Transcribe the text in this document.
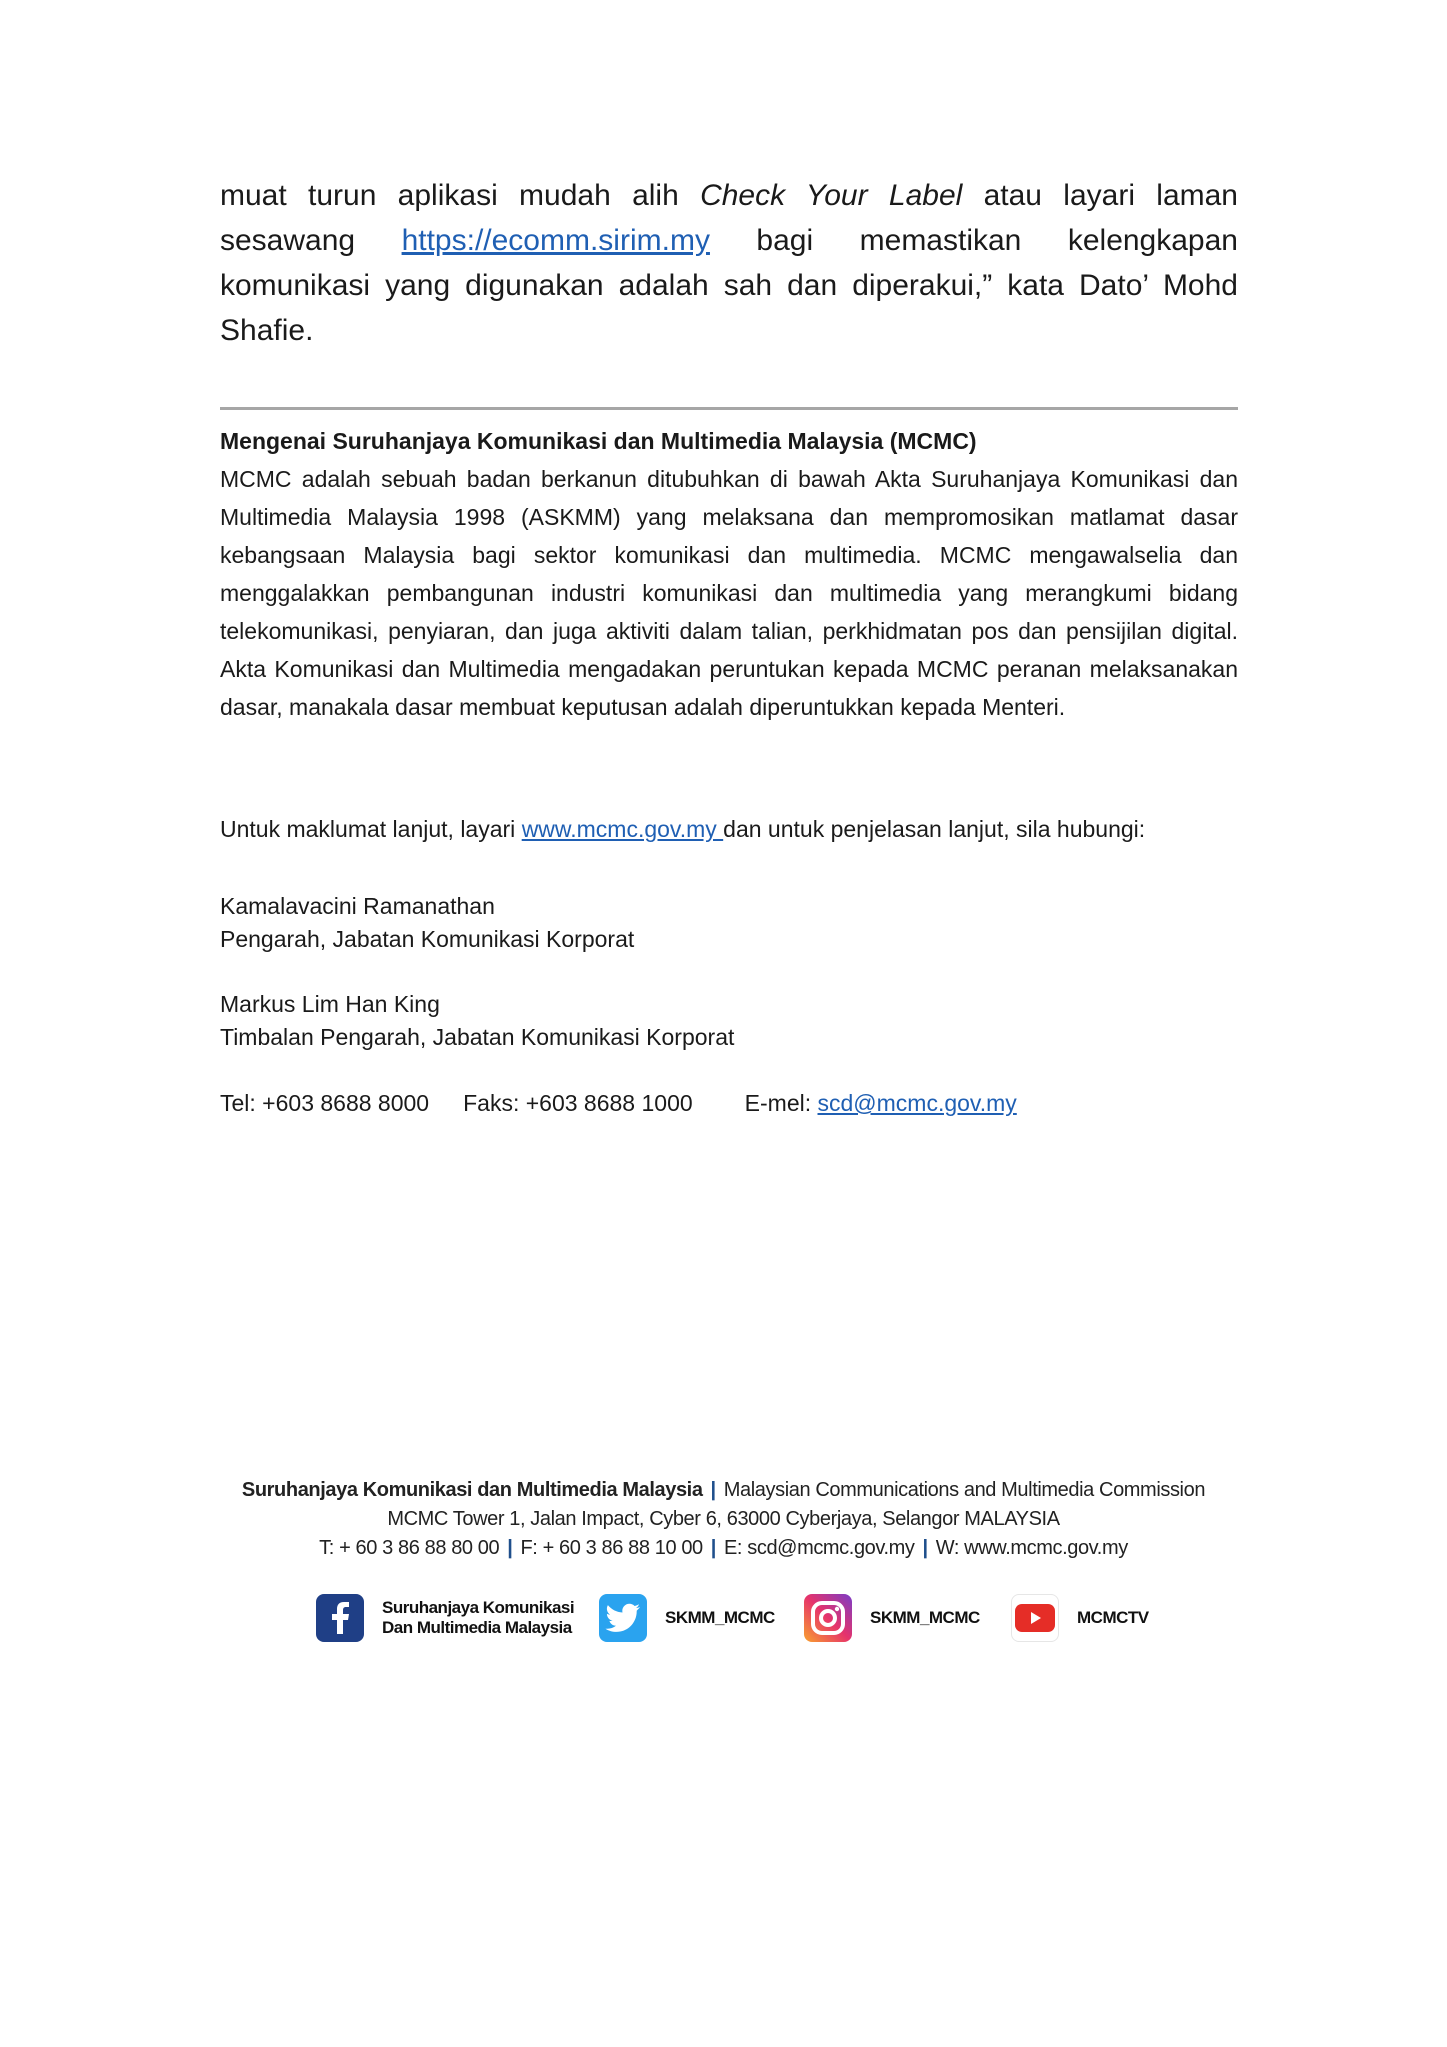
muat turun aplikasi mudah alih Check Your Label atau layari laman sesawang https://ecomm.sirim.my bagi memastikan kelengkapan komunikasi yang digunakan adalah sah dan diperakui,” kata Dato’ Mohd Shafie.
Mengenai Suruhanjaya Komunikasi dan Multimedia Malaysia (MCMC)

MCMC adalah sebuah badan berkanun ditubuhkan di bawah Akta Suruhanjaya Komunikasi dan Multimedia Malaysia 1998 (ASKMM) yang melaksana dan mempromosikan matlamat dasar kebangsaan Malaysia bagi sektor komunikasi dan multimedia. MCMC mengawalselia dan menggalakkan pembangunan industri komunikasi dan multimedia yang merangkumi bidang telekomunikasi, penyiaran, dan juga aktiviti dalam talian, perkhidmatan pos dan pensijilan digital. Akta Komunikasi dan Multimedia mengadakan peruntukan kepada MCMC peranan melaksanakan dasar, manakala dasar membuat keputusan adalah diperuntukkan kepada Menteri.

Untuk maklumat lanjut, layari www.mcmc.gov.my dan untuk penjelasan lanjut, sila hubungi:
Kamalavacini Ramanathan
Pengarah, Jabatan Komunikasi Korporat
Markus Lim Han King
Timbalan Pengarah, Jabatan Komunikasi Korporat
Tel: +603 8688 8000 Faks: +603 8688 1000 E-mel: scd@mcmc.gov.my
Suruhanjaya Komunikasi dan Multimedia Malaysia | Malaysian Communications and Multimedia Commission
MCMC Tower 1, Jalan Impact, Cyber 6, 63000 Cyberjaya, Selangor MALAYSIA
T: + 60 3 86 88 80 00 | F: + 60 3 86 88 10 00 | E: scd@mcmc.gov.my | W: www.mcmc.gov.my
Suruhanjaya Komunikasi
Dan Multimedia Malaysia
SKMM_MCMC	SKMM_MCMC	MCMCTV
